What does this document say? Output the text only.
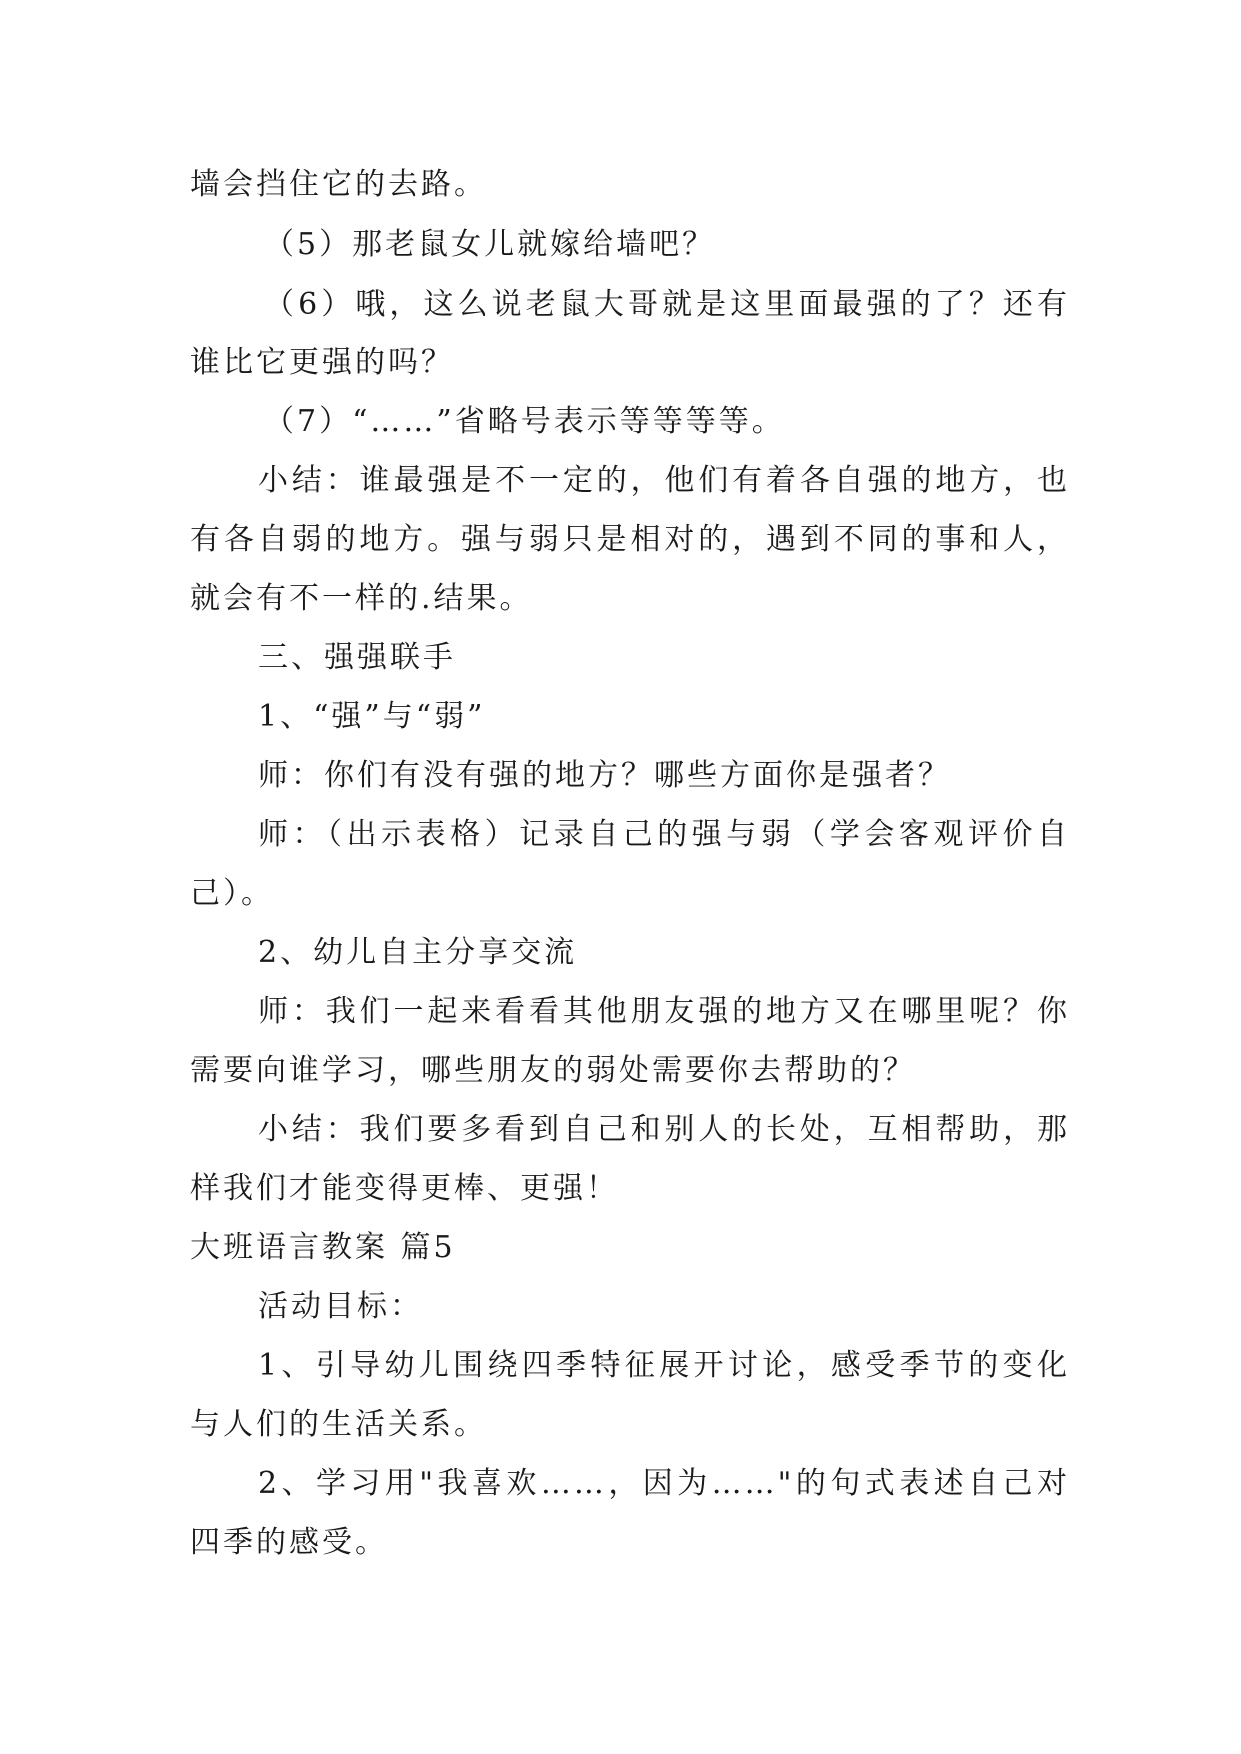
墙会挡住它的去路。
（5）那老鼠女儿就嫁给墙吧？
（6）哦，这么说老鼠大哥就是这里面最强的了？还有
谁比它更强的吗？
（7）“……”省略号表示等等等等。
小结：谁最强是不一定的，他们有着各自强的地方，也
有各自弱的地方。强与弱只是相对的，遇到不同的事和人，
就会有不一样的.结果。
三、强强联手
1、“强”与“弱”
师：你们有没有强的地方？哪些方面你是强者？
师：（出示表格）记录自己的强与弱（学会客观评价自
己）。
2、幼儿自主分享交流
师：我们一起来看看其他朋友强的地方又在哪里呢？你
需要向谁学习，哪些朋友的弱处需要你去帮助的？
小结：我们要多看到自己和别人的长处，互相帮助，那
样我们才能变得更棒、更强！
大班语言教案 篇5
活动目标：
1、引导幼儿围绕四季特征展开讨论，感受季节的变化
与人们的生活关系。
2、学习用"我喜欢……，因为……"的句式表述自己对
四季的感受。
